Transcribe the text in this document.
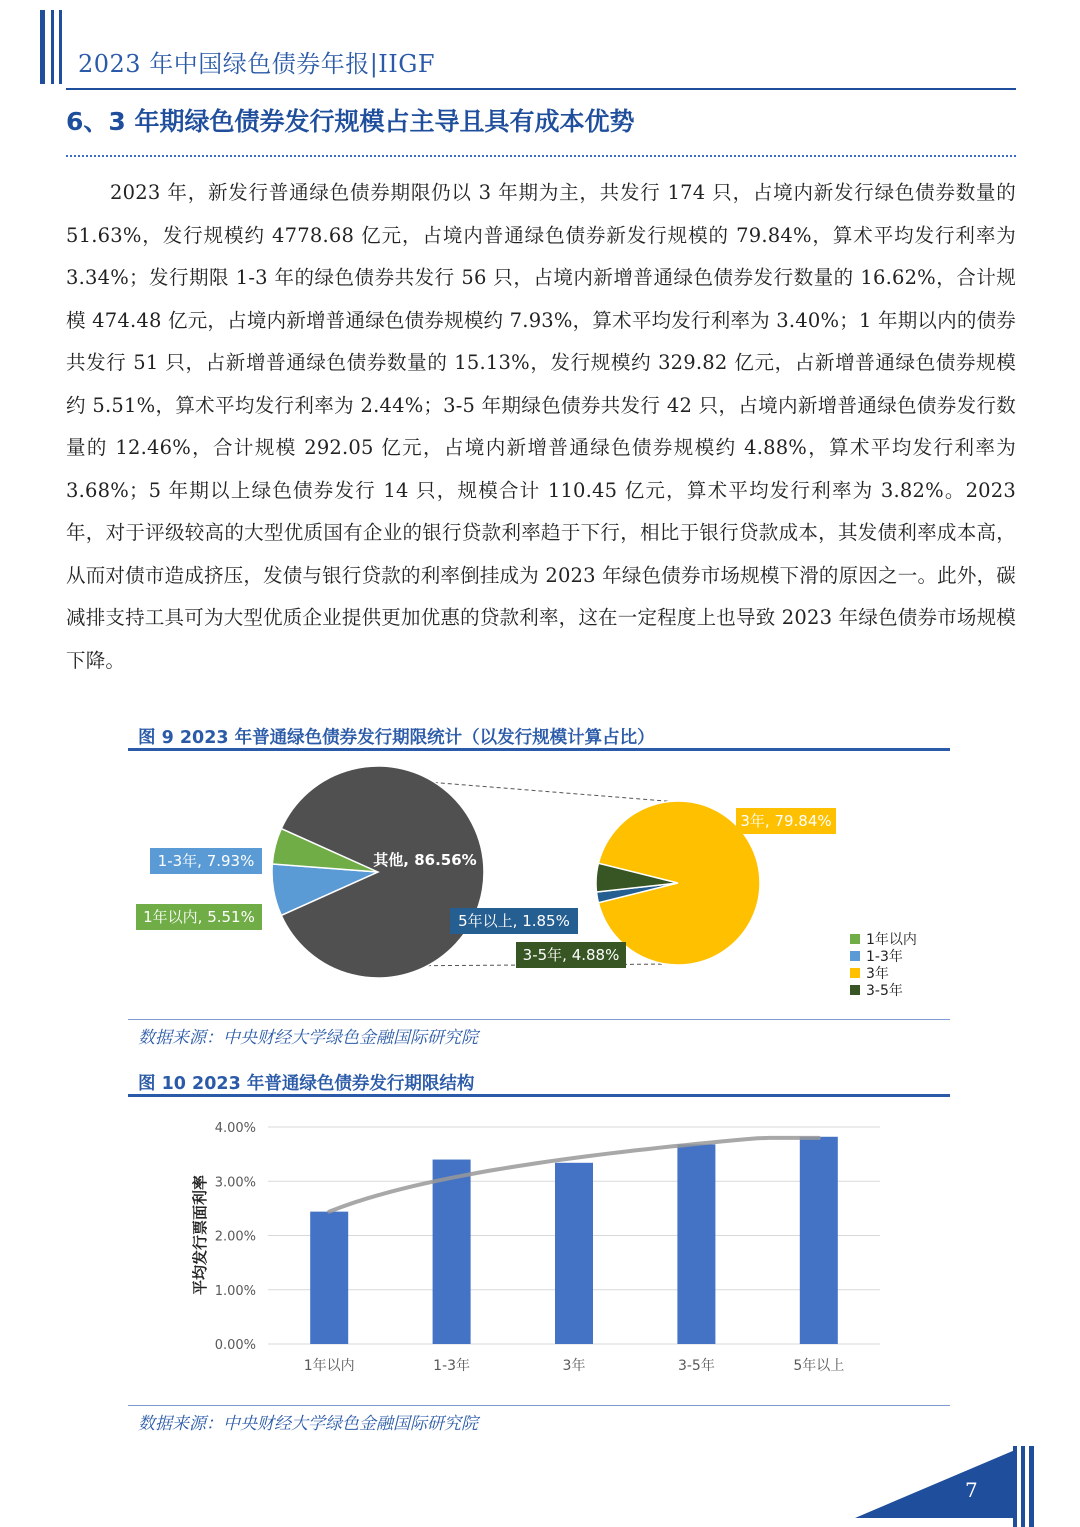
2023 年中国绿色债券年报|IIGF
6、3 年期绿色债券发行规模占主导且具有成本优势
2023 年，新发行普通绿色债券期限仍以 3 年期为主，共发行 174 只，占境内新发行绿色债券数量的 51.63%，发行规模约 4778.68 亿元，占境内普通绿色债券新发行规模的 79.84%，算术平均发行利率为 3.34%；发行期限 1-3 年的绿色债券共发行 56 只，占境内新增普通绿色债券发行数量的 16.62%，合计规模 474.48 亿元，占境内新增普通绿色债券规模约 7.93%，算术平均发行利率为 3.40%；1 年期以内的债券共发行 51 只，占新增普通绿色债券数量的 15.13%，发行规模约 329.82 亿元，占新增普通绿色债券规模约 5.51%，算术平均发行利率为 2.44%；3-5 年期绿色债券共发行 42 只，占境内新增普通绿色债券发行数量的 12.46%，合计规模 292.05 亿元，占境内新增普通绿色债券规模约 4.88%，算术平均发行利率为 3.68%；5 年期以上绿色债券发行 14 只，规模合计 110.45 亿元，算术平均发行利率为 3.82%。2023 年，对于评级较高的大型优质国有企业的银行贷款利率趋于下行，相比于银行贷款成本，其发债利率成本高，从而对债市造成挤压，发债与银行贷款的利率倒挂成为 2023 年绿色债券市场规模下滑的原因之一。此外，碳减排支持工具可为大型优质企业提供更加优惠的贷款利率，这在一定程度上也导致 2023 年绿色债券市场规模下降。
图 9 2023 年普通绿色债券发行期限统计（以发行规模计算占比）
1-3年, 7.93%
1年以内, 5.51%
其他, 86.56%
3年, 79.84%
5年以上, 1.85%
3-5年, 4.88%
1年以内
1-3年
3年
3-5年
数据来源：中央财经大学绿色金融国际研究院
图 10 2023 年普通绿色债券发行期限结构
0.00%
1.00%
2.00%
3.00%
4.00%
1年以内	1-3年	3年	3-5年	5年以上
平均发行票面利率
数据来源：中央财经大学绿色金融国际研究院
7
